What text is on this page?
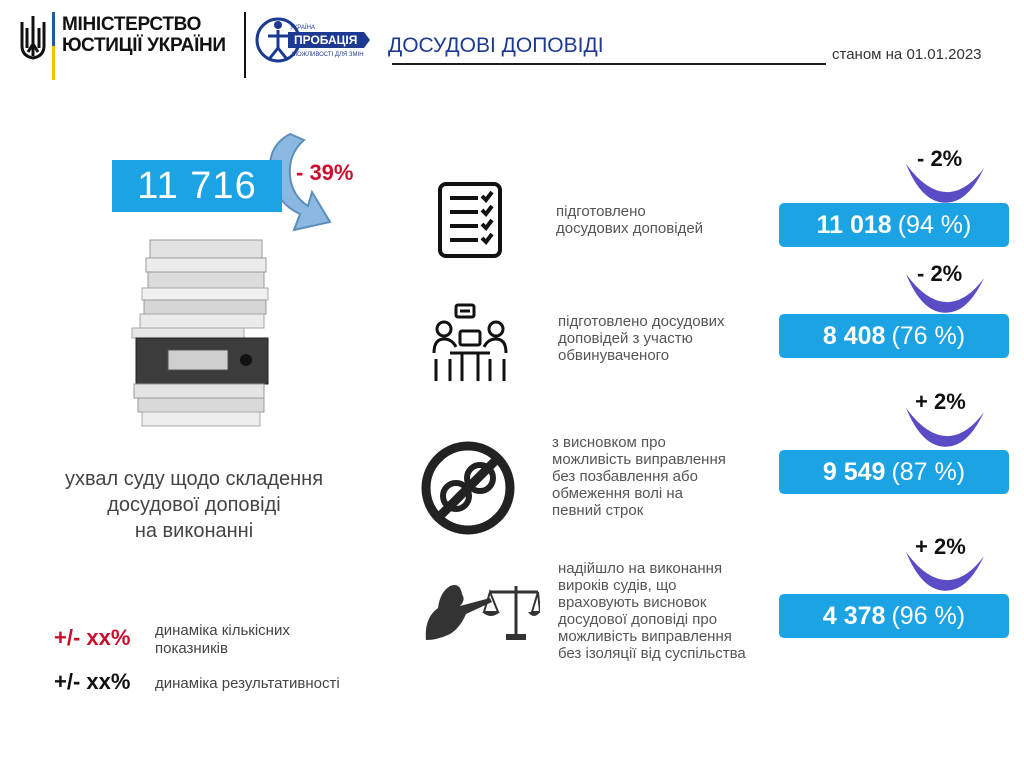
МІНІСТЕРСТВО
ЮСТИЦІЇ УКРАЇНИ
УКРАЇНА
ПРОБАЦІЯ
МОЖЛИВОСТІ ДЛЯ ЗМІН ДОСУДОВІ ДОПОВІДІ	станом на 01.01.2023
11 716	- 39%
ухвал суду щодо складення
досудової доповіді
на виконанні
+/- xx% динаміка кількісних
показників
+/- xx% динаміка результативності
підготовлено
досудових доповідей
- 2%
11 018 (94 %)
підготовлено досудових
доповідей з участю
обвинуваченого
- 2%
8 408 (76 %)
з висновком про
можливість виправлення
без позбавлення або
обмеження волі на
певний строк
+ 2%
9 549 (87 %)
надійшло на виконання
вироків судів, що
враховують висновок
досудової доповіді про
можливість виправлення
без ізоляції від суспільства
+ 2%
4 378 (96 %)
